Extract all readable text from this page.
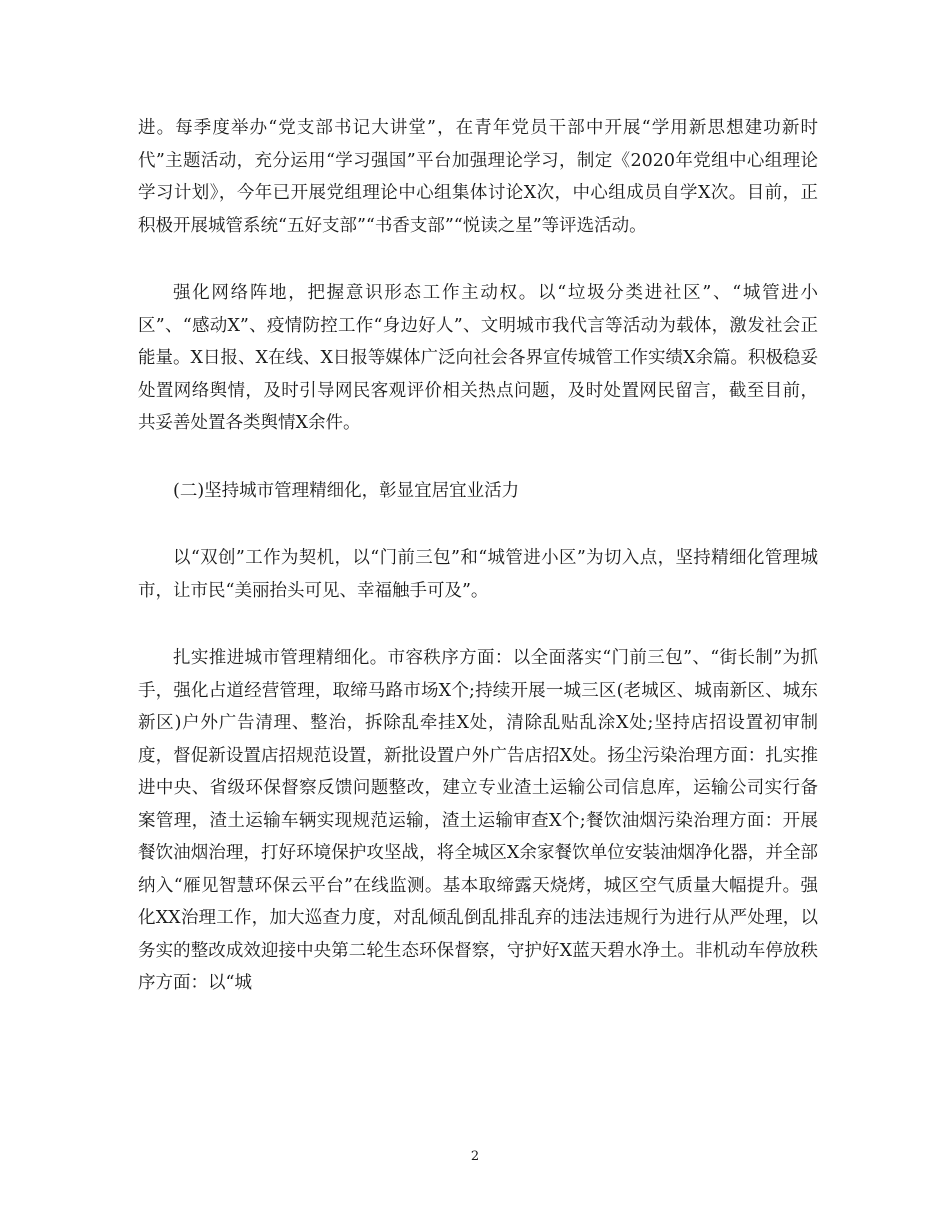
进。每季度举办“党支部书记大讲堂”，在青年党员干部中开展“学用新思想建功新时代”主题活动，充分运用“学习强国”平台加强理论学习，制定《2020年党组中心组理论学习计划》，今年已开展党组理论中心组集体讨论X次，中心组成员自学X次。目前，正积极开展城管系统“五好支部”“书香支部”“悦读之星”等评选活动。

强化网络阵地，把握意识形态工作主动权。以“垃圾分类进社区”、“城管进小区”、“感动X”、疫情防控工作“身边好人”、文明城市我代言等活动为载体，激发社会正能量。X日报、X在线、X日报等媒体广泛向社会各界宣传城管工作实绩X余篇。积极稳妥处置网络舆情，及时引导网民客观评价相关热点问题，及时处置网民留言，截至目前，共妥善处置各类舆情X余件。

(二)坚持城市管理精细化，彰显宜居宜业活力

以“双创”工作为契机，以“门前三包”和“城管进小区”为切入点，坚持精细化管理城市，让市民“美丽抬头可见、幸福触手可及”。

扎实推进城市管理精细化。市容秩序方面：以全面落实“门前三包”、“街长制”为抓手，强化占道经营管理，取缔马路市场X个;持续开展一城三区(老城区、城南新区、城东新区)户外广告清理、整治，拆除乱牵挂X处，清除乱贴乱涂X处;坚持店招设置初审制度，督促新设置店招规范设置，新批设置户外广告店招X处。扬尘污染治理方面：扎实推进中央、省级环保督察反馈问题整改，建立专业渣土运输公司信息库，运输公司实行备案管理，渣土运输车辆实现规范运输，渣土运输审查X个;餐饮油烟污染治理方面：开展餐饮油烟治理，打好环境保护攻坚战，将全城区X余家餐饮单位安装油烟净化器，并全部纳入“雁见智慧环保云平台”在线监测。基本取缔露天烧烤，城区空气质量大幅提升。强化XX治理工作，加大巡查力度，对乱倾乱倒乱排乱弃的违法违规行为进行从严处理，以务实的整改成效迎接中央第二轮生态环保督察，守护好X蓝天碧水净土。非机动车停放秩序方面：以“城

2
